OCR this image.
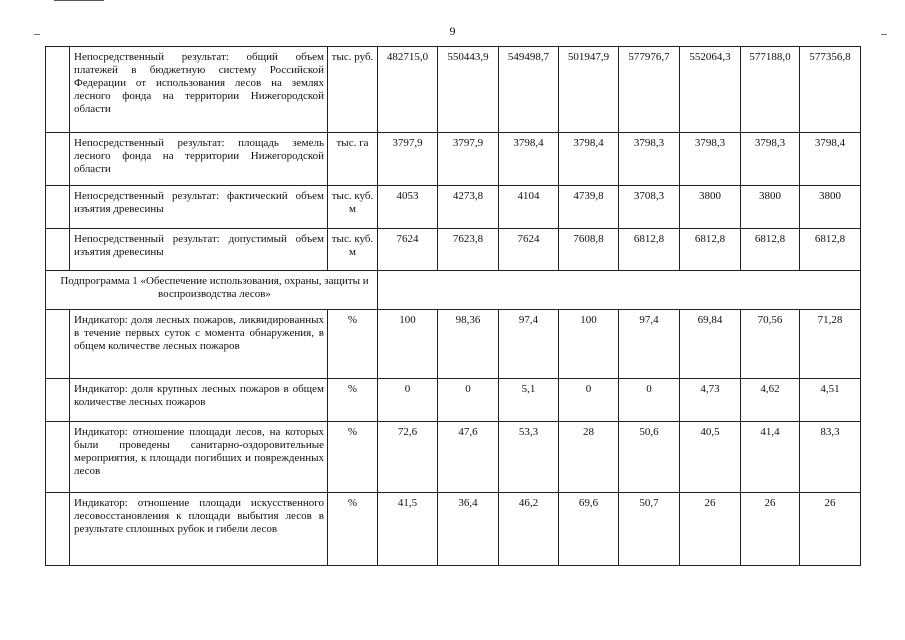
9
	Непосредственный результат: общий объем платежей в бюджетную систему Российской Федерации от использования лесов на землях лесного фонда на территории Нижегородской области	тыс. руб.	482715,0	550443,9	549498,7	501947,9	577976,7	552064,3	577188,0	577356,8
	Непосредственный результат: площадь земель лесного фонда на территории Нижегородской области	тыс. га	3797,9	3797,9	3798,4	3798,4	3798,3	3798,3	3798,3	3798,4
	Непосредственный результат: фактический объем изъятия древесины	тыс. куб. м	4053	4273,8	4104	4739,8	3708,3	3800	3800	3800
	Непосредственный результат: допустимый объем изъятия древесины	тыс. куб. м	7624	7623,8	7624	7608,8	6812,8	6812,8	6812,8	6812,8
Подпрограмма 1 «Обеспечение использования, охраны, защиты и воспроизводства лесов»										
	Индикатор: доля лесных пожаров, ликвидированных в течение первых суток с момента обнаружения, в общем количестве лесных пожаров	%	100	98,36	97,4	100	97,4	69,84	70,56	71,28
	Индикатор: доля крупных лесных пожаров в общем количестве лесных пожаров	%	0	0	5,1	0	0	4,73	4,62	4,51
	Индикатор: отношение площади лесов, на которых были проведены санитарно-оздоровительные мероприятия, к площади погибших и поврежденных лесов	%	72,6	47,6	53,3	28	50,6	40,5	41,4	83,3
	Индикатор: отношение площади искусственного лесовосстановления к площади выбытия лесов в результате сплошных рубок и гибели лесов	%	41,5	36,4	46,2	69,6	50,7	26	26	26
